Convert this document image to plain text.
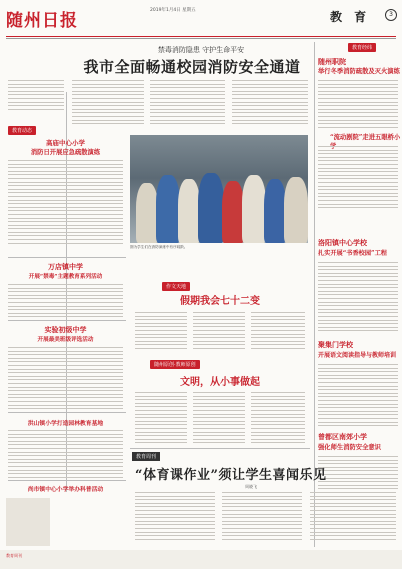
随州日报
2019年1月4日 星期五	教 育	3
禁毒消防隐患 守护生命平安
我市全面畅通校园消防安全通道
教育经纬
随州职院
举行冬季消防疏散及灭火演练
教育动态
高庙中心小学
消防日开展应急疏散演练
图为学生们在消防演练中有序疏散。
“流动剧院”走进五眼桥小
洛阳镇中心学校
扎实开展“书香校园”工程
聚集门学校
开展语文阅读指导与教师培训
曾都区南郊小学
强化师生消防安全意识
万店镇中学
开展“禁毒”主题教育系列活动
实验初级中学
开展最美班级评选活动
洪山镇小学打造园林教育基地
尚市镇中心小学举办科普活动
作文天地
假期我会七十二变
随州原创·教师原创
文明，从小事做起
教育周刊
“体育课作业”须让学生喜闻乐见
周晓飞
教育周刊
